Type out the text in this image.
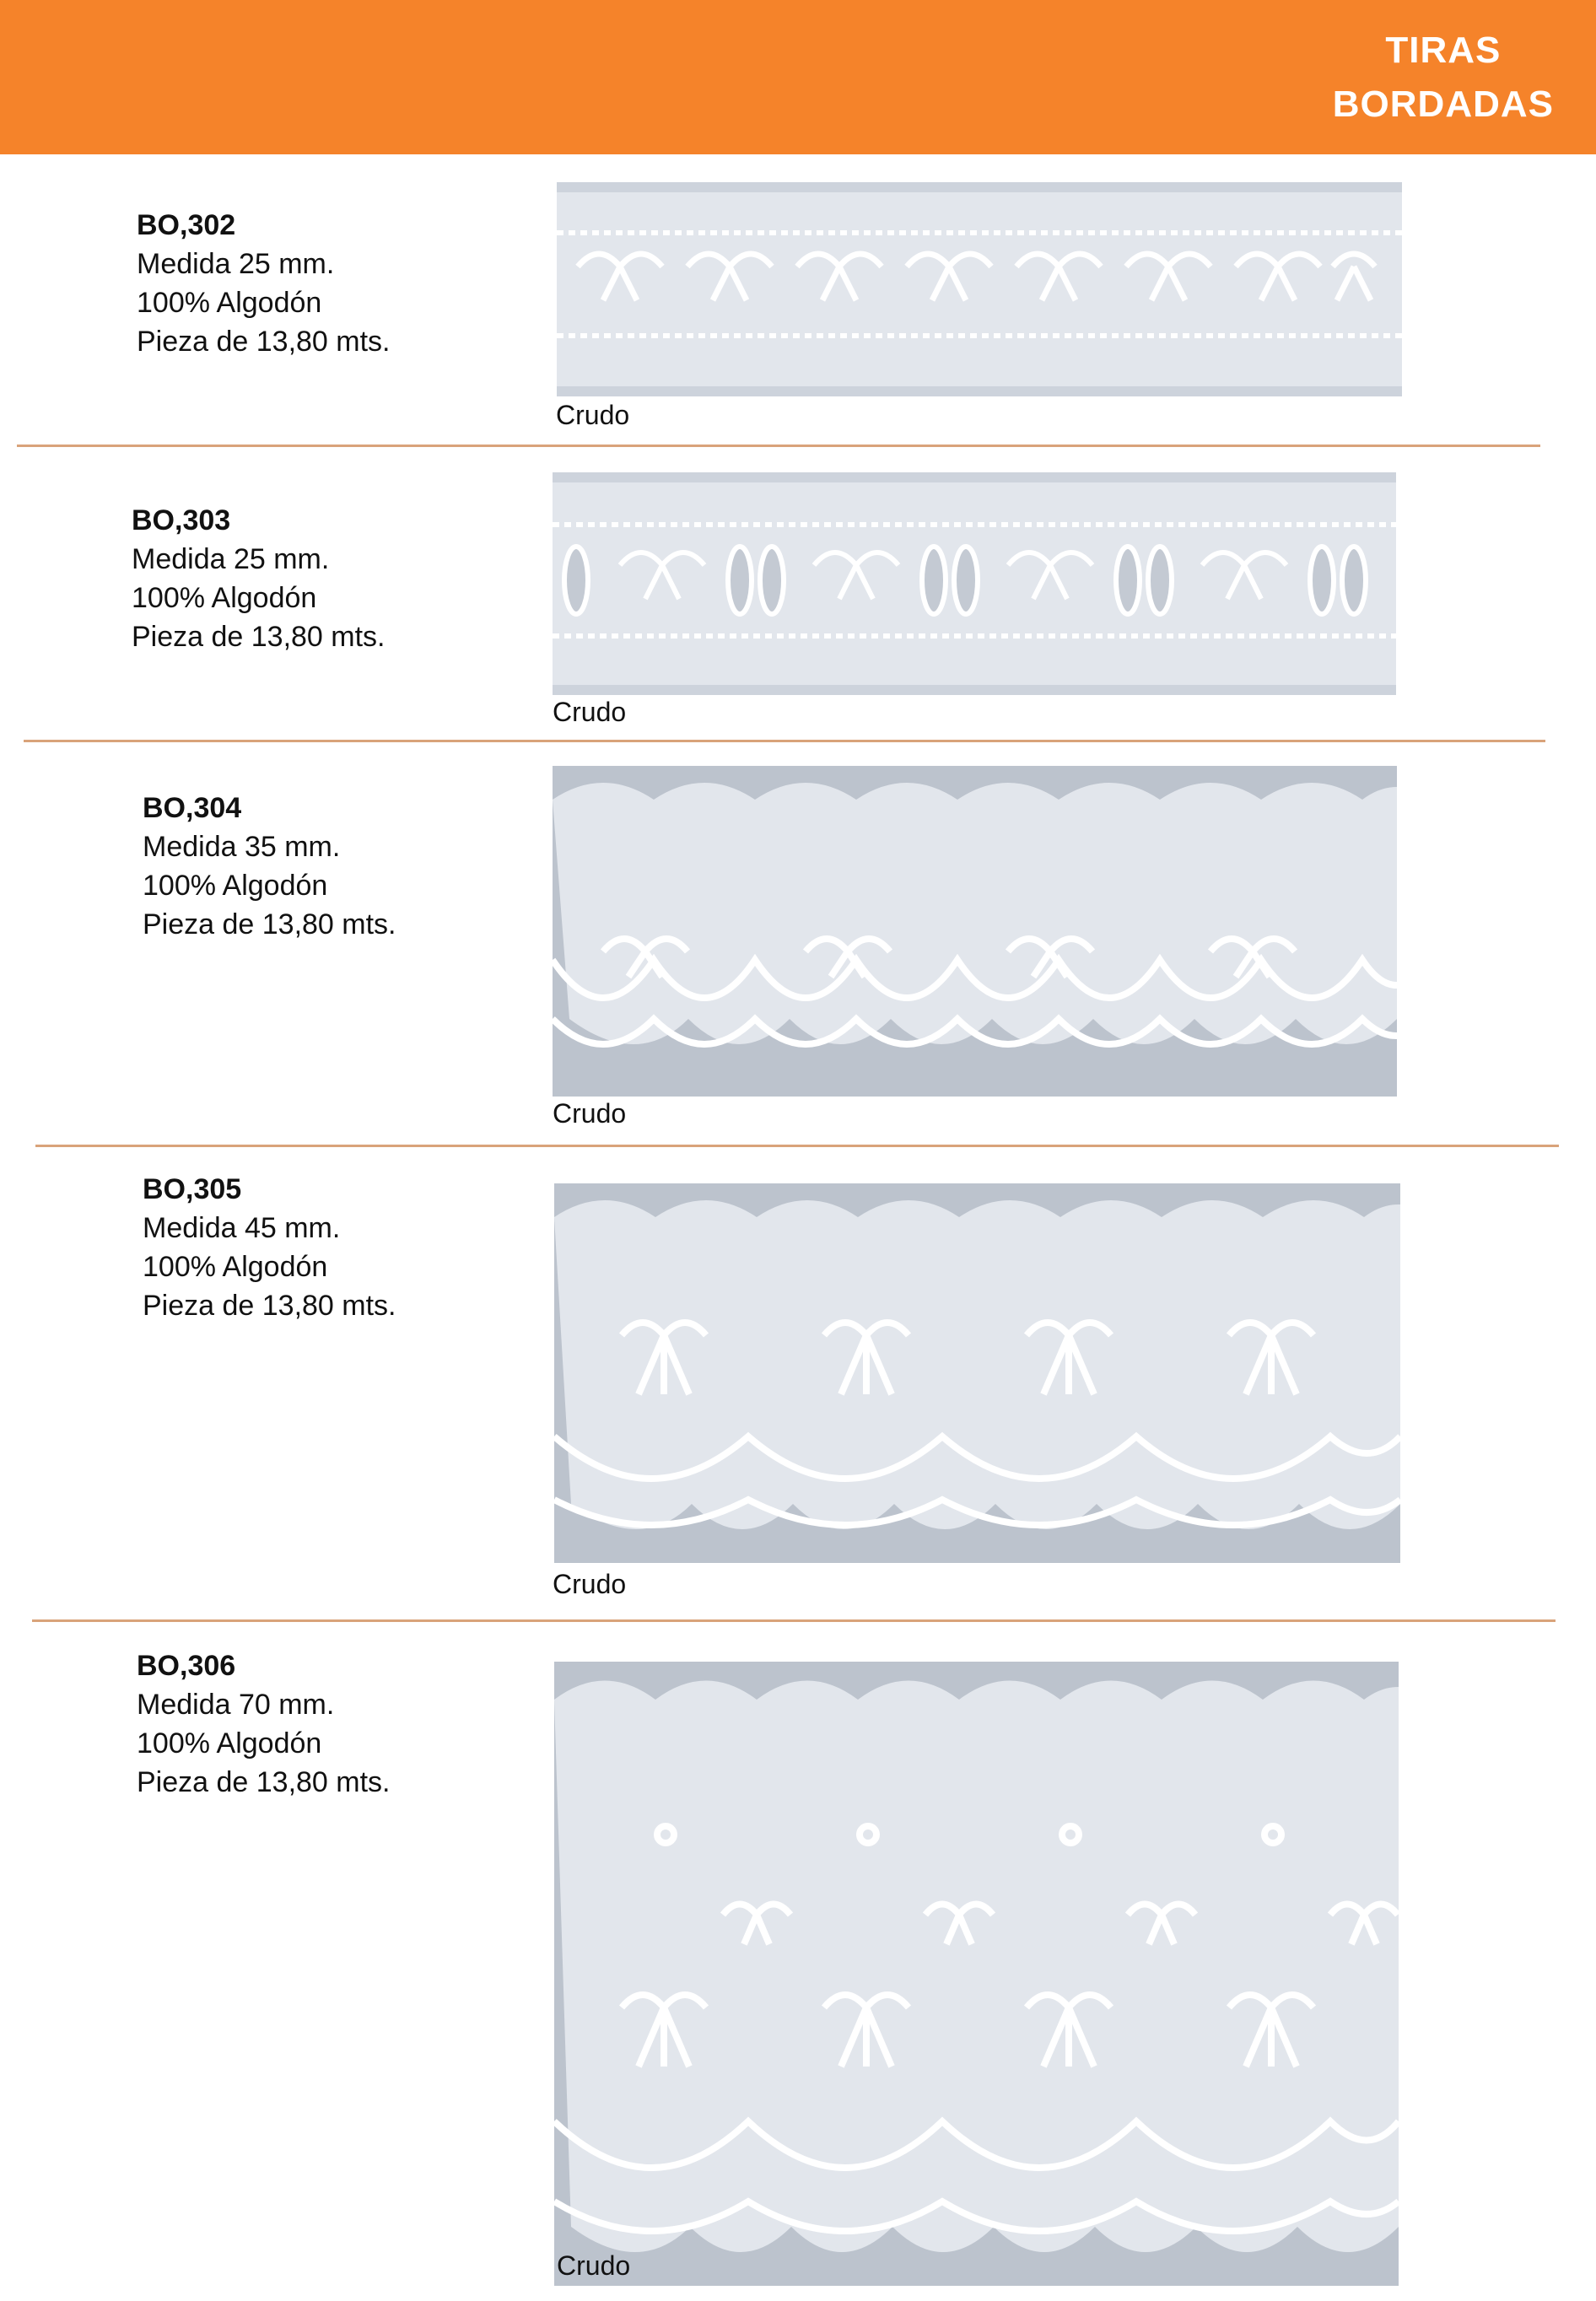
TIRAS
BORDADAS
BO,302
Medida 25 mm.
100% Algodón
Pieza de 13,80 mts.
Crudo
BO,303
Medida 25 mm.
100% Algodón
Pieza de 13,80 mts.
Crudo
BO,304
Medida 35 mm.
100% Algodón
Pieza de 13,80 mts.
Crudo
BO,305
Medida 45 mm.
100% Algodón
Pieza de 13,80 mts.
Crudo
BO,306
Medida 70 mm.
100% Algodón
Pieza de 13,80 mts.
Crudo
